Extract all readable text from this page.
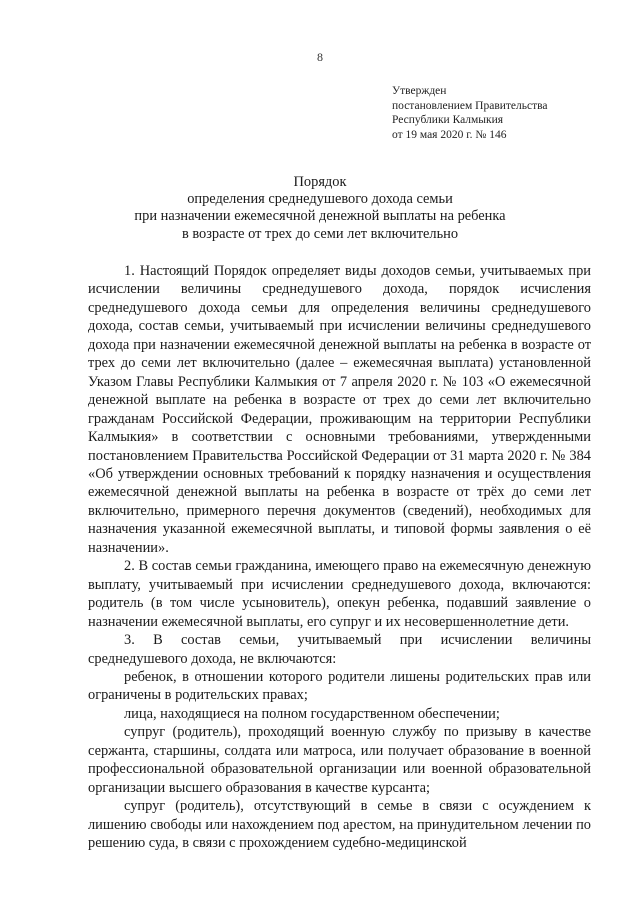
8
Утвержден
постановлением Правительства
Республики Калмыкия
от 19 мая 2020 г. № 146
Порядок
определения среднедушевого дохода семьи
при назначении ежемесячной денежной выплаты на ребенка
в возрасте от трех до семи лет включительно

1. Настоящий Порядок определяет виды доходов семьи, учитываемых при исчислении величины среднедушевого дохода, порядок исчисления среднедушевого дохода семьи для определения величины среднедушевого дохода, состав семьи, учитываемый при исчислении величины среднедушевого дохода при назначении ежемесячной денежной выплаты на ребенка в возрасте от трех до семи лет включительно (далее – ежемесячная выплата) установленной Указом Главы Республики Калмыкия от 7 апреля 2020 г. № 103 «О ежемесячной денежной выплате на ребенка в возрасте от трех до семи лет включительно гражданам Российской Федерации, проживающим на территории Республики Калмыкия» в соответствии с основными требованиями, утвержденными постановлением Правительства Российской Федерации от 31 марта 2020 г. № 384 «Об утверждении основных требований к порядку назначения и осуществления ежемесячной денежной выплаты на ребенка в возрасте от трёх до семи лет включительно, примерного перечня документов (сведений), необходимых для назначения указанной ежемесячной выплаты, и типовой формы заявления о её назначении».

2. В состав семьи гражданина, имеющего право на ежемесячную денежную выплату, учитываемый при исчислении среднедушевого дохода, включаются: родитель (в том числе усыновитель), опекун ребенка, подавший заявление о назначении ежемесячной выплаты, его супруг и их несовершеннолетние дети.

3. В состав семьи, учитываемый при исчислении величины среднедушевого дохода, не включаются:

ребенок, в отношении которого родители лишены родительских прав или ограничены в родительских правах;

лица, находящиеся на полном государственном обеспечении;

супруг (родитель), проходящий военную службу по призыву в качестве сержанта, старшины, солдата или матроса, или получает образование в военной профессиональной образовательной организации или военной образовательной организации высшего образования в качестве курсанта;

супруг (родитель), отсутствующий в семье в связи с осуждением к лишению свободы или нахождением под арестом, на принудительном лечении по решению суда, в связи с прохождением судебно-медицинской
